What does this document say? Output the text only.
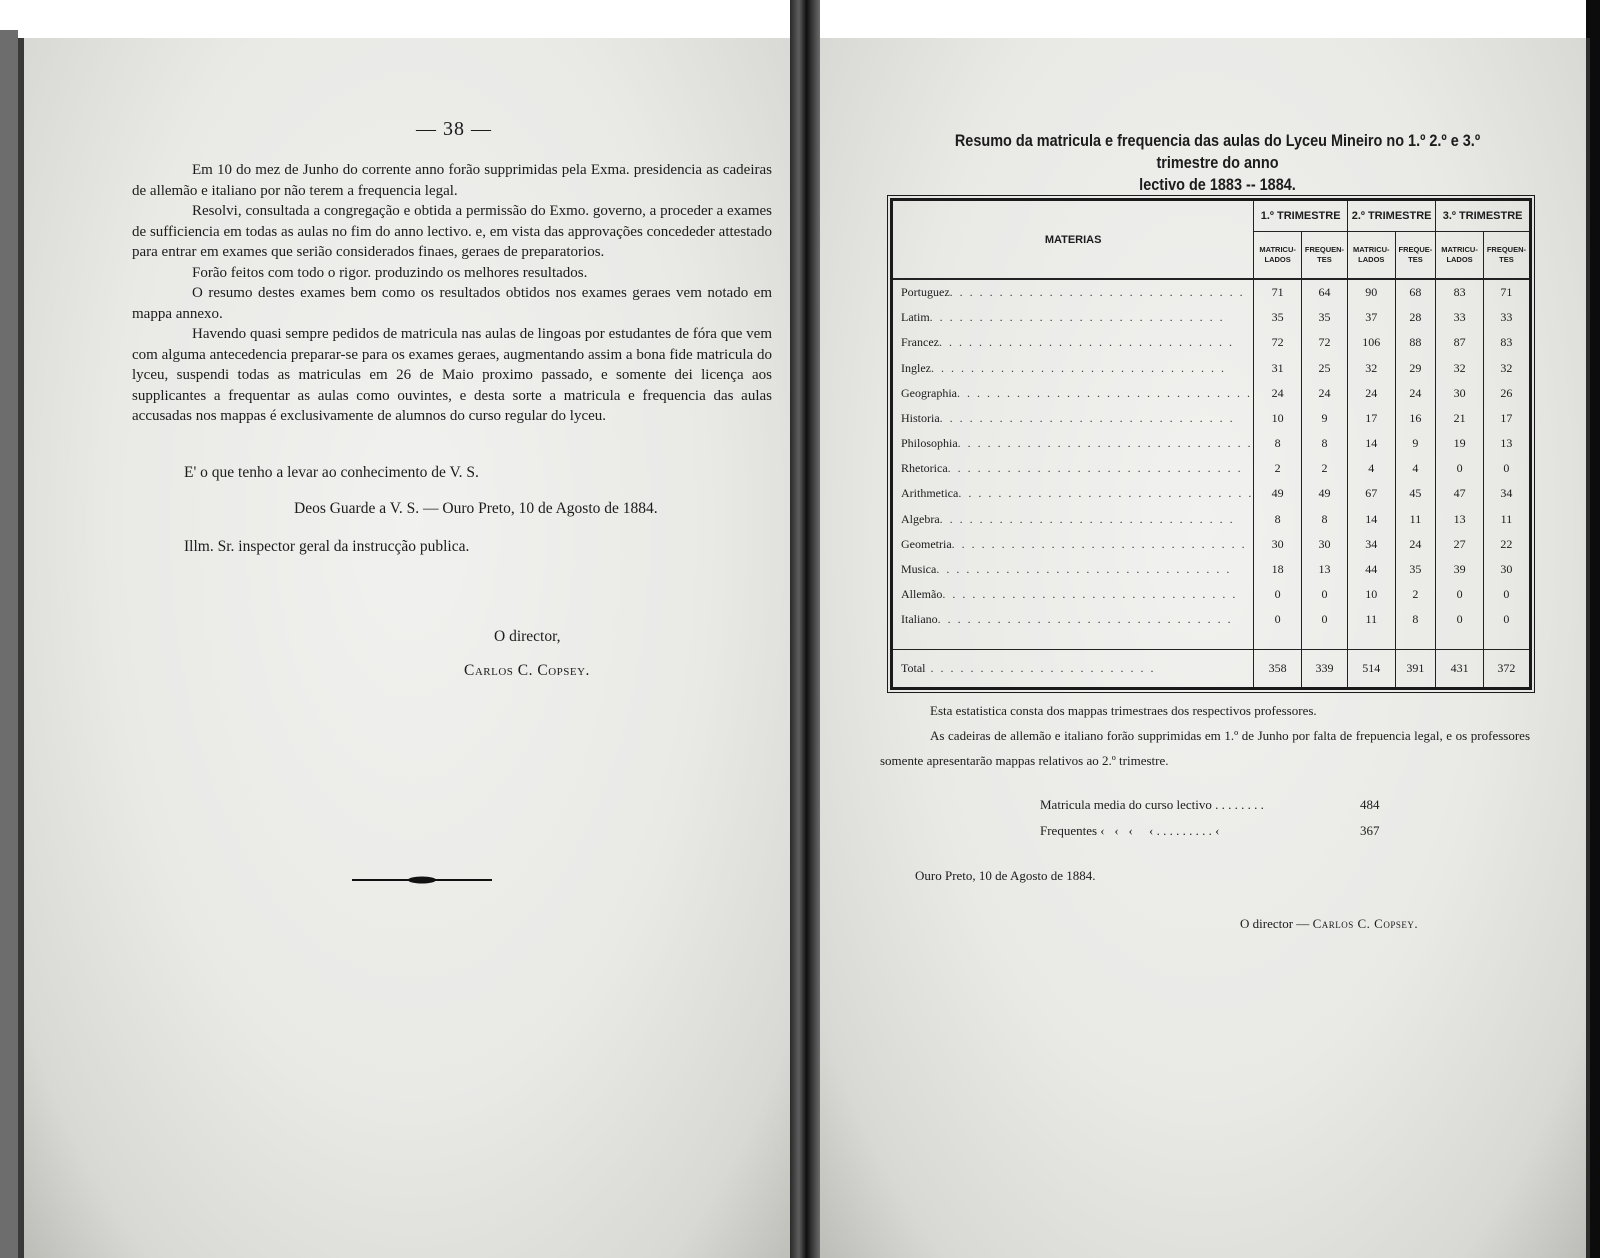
— 38 —

Em 10 do mez de Junho do corrente anno forão supprimidas pela Exma. presidencia as cadeiras de allemão e italiano por não terem a frequencia legal.

Resolvi, consultada a congregação e obtida a permissão do Exmo. governo, a proceder a exames de sufficiencia em todas as aulas no fim do anno lectivo. e, em vista das approvações concededer attestado para entrar em exames que serião considerados finaes, geraes de preparatorios.

Forão feitos com todo o rigor. produzindo os melhores resultados.

O resumo destes exames bem como os resultados obtidos nos exames geraes vem notado em mappa annexo.

Havendo quasi sempre pedidos de matricula nas aulas de lingoas por estudantes de fóra que vem com alguma antecedencia preparar-se para os exames geraes, augmentando assim a bona fide matricula do lyceu, suspendi todas as matriculas em 26 de Maio proximo passado, e somente dei licença aos supplicantes a frequentar as aulas como ouvintes, e desta sorte a matricula e frequencia das aulas accusadas nos mappas é exclusivamente de alumnos do curso regular do lyceu.

E' o que tenho a levar ao conhecimento de V. S.
Deos Guarde a V. S. — Ouro Preto, 10 de Agosto de 1884.
Illm. Sr. inspector geral da instrucção publica.
O director,
Carlos C. Copsey.
Resumo da matricula e frequencia das aulas do Lyceu Mineiro no 1.º 2.º e 3.º trimestre do anno
lectivo de 1883 -- 1884.
MATERIAS	1.º TRIMESTRE		2.º TRIMESTRE		3.º TRIMESTRE	
	MATRICU- LADOS	FREQUEN- TES	MATRICU- LADOS	FREQUE- TES	MATRICU- LADOS	FREQUEN- TES
Portuguez. . . . . . . . . . . . . . . . . . . . . . . . . . . . . .	71	64	90	68	83	71
Latim. . . . . . . . . . . . . . . . . . . . . . . . . . . . . .	35	35	37	28	33	33
Francez. . . . . . . . . . . . . . . . . . . . . . . . . . . . . .	72	72	106	88	87	83
Inglez. . . . . . . . . . . . . . . . . . . . . . . . . . . . . .	31	25	32	29	32	32
Geographia. . . . . . . . . . . . . . . . . . . . . . . . . . . . . .	24	24	24	24	30	26
Historia. . . . . . . . . . . . . . . . . . . . . . . . . . . . . .	10	9	17	16	21	17
Philosophia. . . . . . . . . . . . . . . . . . . . . . . . . . . . . .	8	8	14	9	19	13
Rhetorica. . . . . . . . . . . . . . . . . . . . . . . . . . . . . .	2	2	4	4	0	0
Arithmetica. . . . . . . . . . . . . . . . . . . . . . . . . . . . . .	49	49	67	45	47	34
Algebra. . . . . . . . . . . . . . . . . . . . . . . . . . . . . .	8	8	14	11	13	11
Geometria. . . . . . . . . . . . . . . . . . . . . . . . . . . . . .	30	30	34	24	27	22
Musica. . . . . . . . . . . . . . . . . . . . . . . . . . . . . .	18	13	44	35	39	30
Allemão. . . . . . . . . . . . . . . . . . . . . . . . . . . . . .	0	0	10	2	0	0
Italiano. . . . . . . . . . . . . . . . . . . . . . . . . . . . . .	0	0	11	8	0	0

Total . . . . . . . . . . . . . . . . . . . . . . .	358	339	514	391	431	372

Esta estatistica consta dos mappas trimestraes dos respectivos professores.

As cadeiras de allemão e italiano forão supprimidas em 1.º de Junho por falta de frepuencia legal, e os professores somente apresentarão mappas relativos ao 2.º trimestre.

Matricula media do curso lectivo . . . . . . . .	484
Frequentes ‹   ‹   ‹     ‹ . . . . . . . . . ‹	367
Ouro Preto, 10 de Agosto de 1884.
O director — Carlos C. Copsey.
